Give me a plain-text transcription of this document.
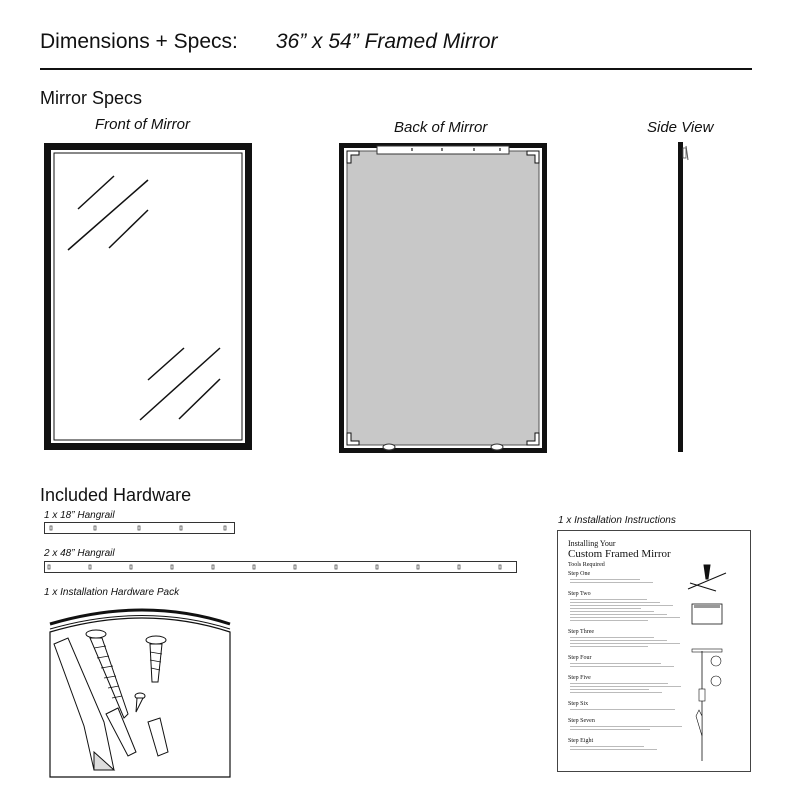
Dimensions + Specs: 36” x 54” Framed Mirror
Mirror Specs
Front of Mirror	Back of Mirror	Side View
Included Hardware
1 x 18” Hangrail
2 x 48” Hangrail
1 x Installation Hardware Pack
1 x Installation Instructions
Installing Your
Custom Framed Mirror
Tools Required
Step One
Step Two
Step Three
Step Four
Step Five
Step Six
Step Seven
Step Eight
